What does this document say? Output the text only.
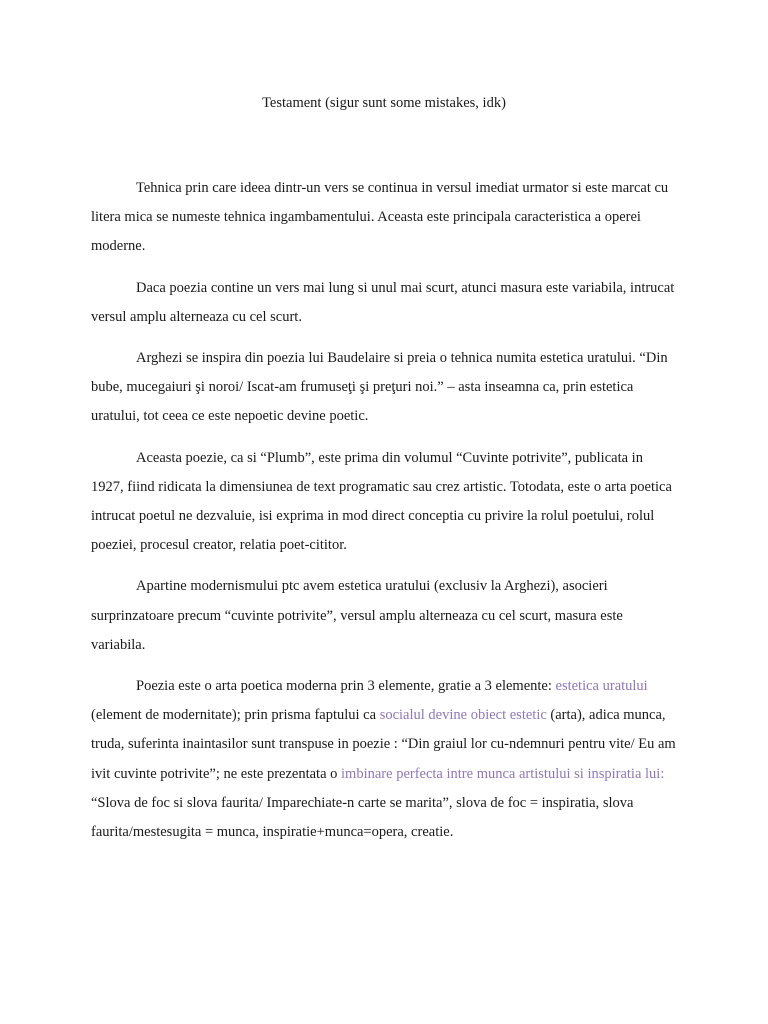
Testament (sigur sunt some mistakes, idk)

Tehnica prin care ideea dintr-un vers se continua in versul imediat urmator si este marcat cu litera mica se numeste tehnica ingambamentului. Aceasta este principala caracteristica a operei moderne.

Daca poezia contine un vers mai lung si unul mai scurt, atunci masura este variabila, intrucat versul amplu alterneaza cu cel scurt.

Arghezi se inspira din poezia lui Baudelaire si preia o tehnica numita estetica uratului. “Din bube, mucegaiuri şi noroi/ Iscat-am frumuseţi şi preţuri noi.” – asta inseamna ca, prin estetica uratului, tot ceea ce este nepoetic devine poetic.

Aceasta poezie, ca si “Plumb”, este prima din volumul “Cuvinte potrivite”, publicata in 1927, fiind ridicata la dimensiunea de text programatic sau crez artistic. Totodata, este o arta poetica intrucat poetul ne dezvaluie, isi exprima in mod direct conceptia cu privire la rolul poetului, rolul poeziei, procesul creator, relatia poet-cititor.

Apartine modernismului ptc avem estetica uratului (exclusiv la Arghezi), asocieri surprinzatoare precum “cuvinte potrivite”, versul amplu alterneaza cu cel scurt, masura este variabila.

Poezia este o arta poetica moderna prin 3 elemente, gratie a 3 elemente: estetica uratului (element de modernitate); prin prisma faptului ca socialul devine obiect estetic (arta), adica munca, truda, suferinta inaintasilor sunt transpuse in poezie : “Din graiul lor cu-ndemnuri pentru vite/ Eu am ivit cuvinte potrivite”; ne este prezentata o imbinare perfecta intre munca artistului si inspiratia lui: “Slova de foc si slova faurita/ Imparechiate-n carte se marita”, slova de foc = inspiratia, slova faurita/mestesugita = munca, inspiratie+munca=opera, creatie.
